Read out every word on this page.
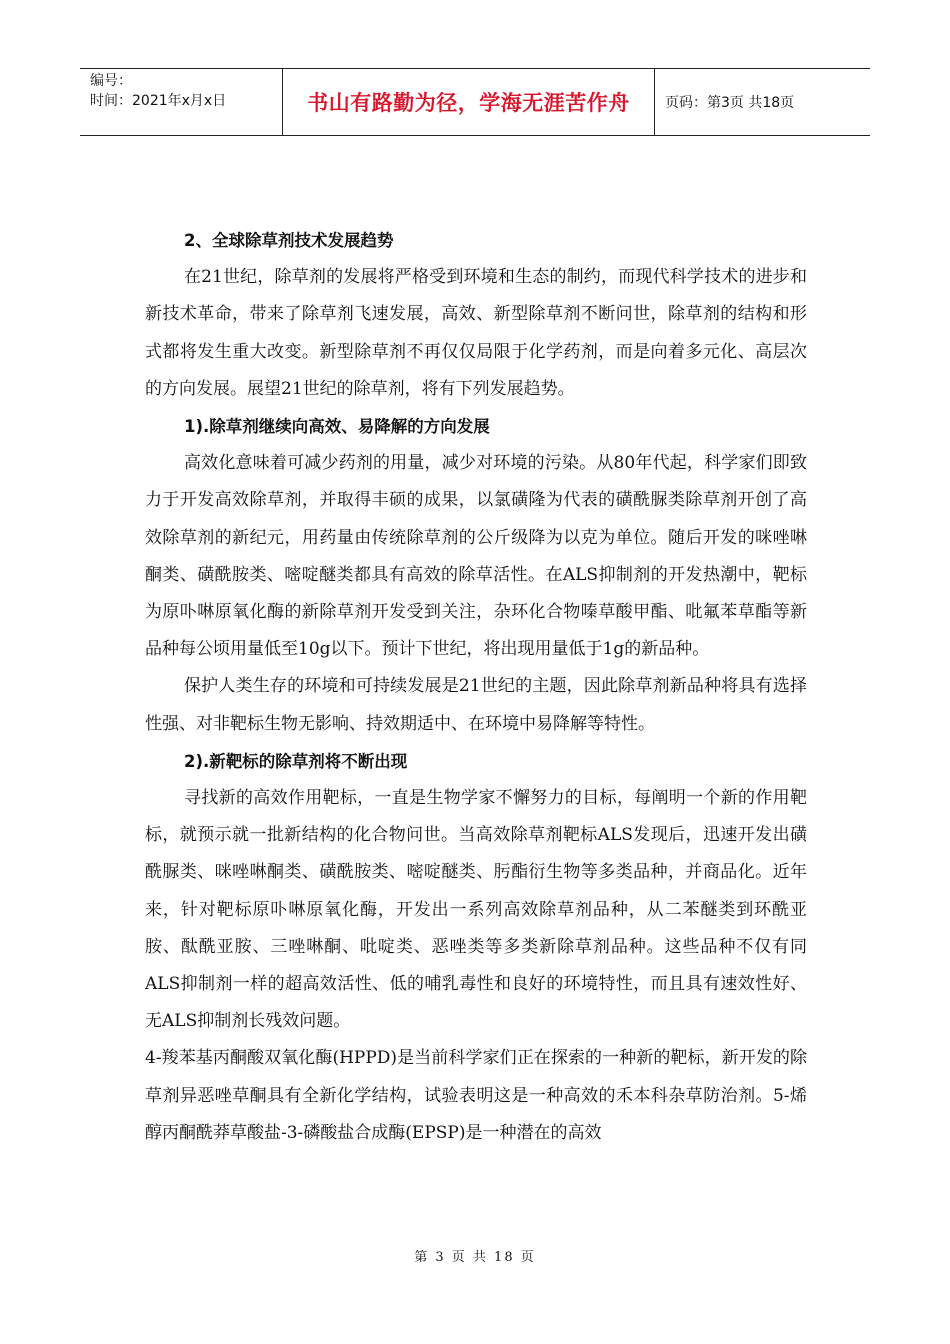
编号：
时间：2021年x月x日	书山有路勤为径，学海无涯苦作舟	页码：第3页 共18页

2、全球除草剂技术发展趋势

在21世纪，除草剂的发展将严格受到环境和生态的制约，而现代科学技术的进步和新技术革命，带来了除草剂飞速发展，高效、新型除草剂不断问世，除草剂的结构和形式都将发生重大改变。新型除草剂不再仅仅局限于化学药剂，而是向着多元化、高层次的方向发展。展望21世纪的除草剂，将有下列发展趋势。

1).除草剂继续向高效、易降解的方向发展

高效化意味着可减少药剂的用量，减少对环境的污染。从80年代起，科学家们即致力于开发高效除草剂，并取得丰硕的成果，以氯磺隆为代表的磺酰脲类除草剂开创了高效除草剂的新纪元，用药量由传统除草剂的公斤级降为以克为单位。随后开发的咪唑啉酮类、磺酰胺类、嘧啶醚类都具有高效的除草活性。在ALS抑制剂的开发热潮中，靶标为原卟啉原氧化酶的新除草剂开发受到关注，杂环化合物嗪草酸甲酯、吡氟苯草酯等新品种每公顷用量低至10g以下。预计下世纪，将出现用量低于1g的新品种。

保护人类生存的环境和可持续发展是21世纪的主题，因此除草剂新品种将具有选择性强、对非靶标生物无影响、持效期适中、在环境中易降解等特性。

2).新靶标的除草剂将不断出现

寻找新的高效作用靶标，一直是生物学家不懈努力的目标，每阐明一个新的作用靶标，就预示就一批新结构的化合物问世。当高效除草剂靶标ALS发现后，迅速开发出磺酰脲类、咪唑啉酮类、磺酰胺类、嘧啶醚类、肟酯衍生物等多类品种，并商品化。近年来，针对靶标原卟啉原氧化酶，开发出一系列高效除草剂品种，从二苯醚类到环酰亚胺、酞酰亚胺、三唑啉酮、吡啶类、恶唑类等多类新除草剂品种。这些品种不仅有同ALS抑制剂一样的超高效活性、低的哺乳毒性和良好的环境特性，而且具有速效性好、无ALS抑制剂长残效问题。

4-羧苯基丙酮酸双氧化酶(HPPD)是当前科学家们正在探索的一种新的靶标，新开发的除草剂异恶唑草酮具有全新化学结构，试验表明这是一种高效的禾本科杂草防治剂。5-烯醇丙酮酰莽草酸盐-3-磷酸盐合成酶(EPSP)是一种潜在的高效

第 3 页 共 18 页
